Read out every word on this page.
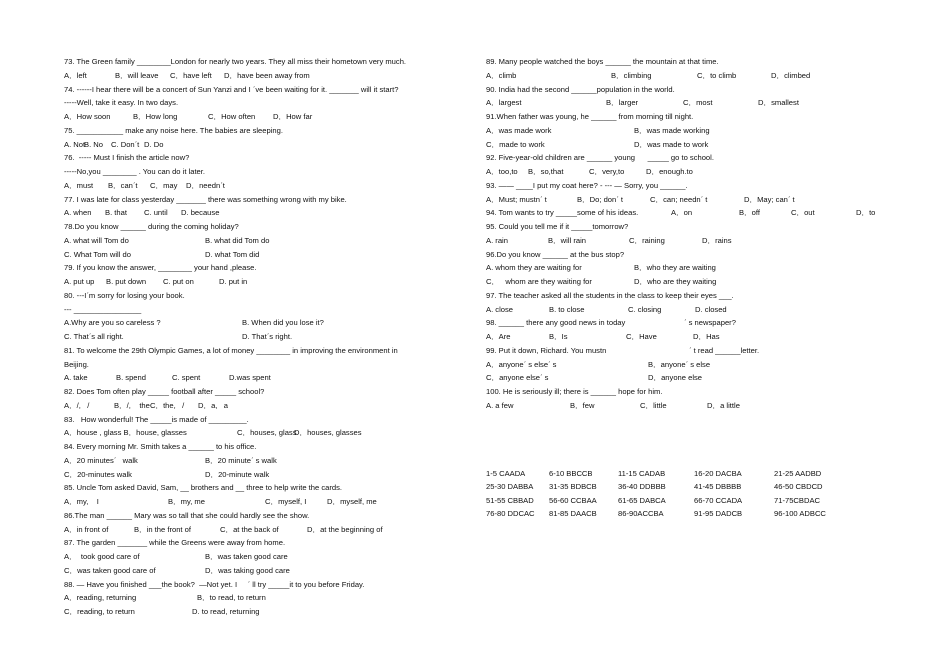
73. The Green family ________London for nearly two years. They all miss their hometown very much.
A．left	B．will leave C．have left D．have been away from
74. ------I hear there will be a concert of Sun Yanzi and I ˊve been waiting for it. _______ will it start?
-----Well, take it easy. In two days.
A．How soon	B．How long	C．How often D．How far
75. ___________ make any noise here. The babies are sleeping.
A. Not
B. No C. Donˊt D. Do
76.  ----- Must I finish the article now?
-----No,you ________ . You can do it later.
A．must B．canˊt C．may D．neednˊt
77. I was late for class yesterday _______ there was something wrong with my bike.
A. when B. that C. until D. because
78.Do you know ______ during the coming holiday?
A. what will Tom do	B. what did Tom do
C. What Tom will do	D. what Tom did
79. If you know the answer, ________ your hand ,please.
A. put up B. put down C. put on	D. put in
80. ---Iˊm sorry for losing your book.
--- ________________
A.Why are you so careless ?	B. When did you lose it?
C. Thatˊs all right.	D. Thatˊs right.
81. To welcome the 29th Olympic Games, a lot of money ________ in improving the environment in
Beijing.
A. take	B. spend	C. spent	D.was spent
82. Does Tom often play _____ football after _____ school?
A．/,   /	B．/,    the C．the,   / D．a,   a
83.   How wonderful! The _____is made of _________.
A．house , glass B．house, glasses	C．houses, glass
D．houses, glasses
84. Every morning Mr. Smith takes a ______ to his office.
A．20 minutesˊ   walk	B．20 minuteˊ s walk
C．20-minutes walk	D．20-minute walk
85. Uncle Tom asked David, Sam, __ brothers and __ three to help write the cards.
A．my,    I	B．my, me	C．myself, I	D．myself, me
86.The man ______ Mary was so tall that she could hardly see the show.
A．in front of	B．in the front of	C．at the back of	D．at the beginning of
87. The garden _______ while the Greens were away from home.
A．  took good care of	B．was taken good care
C．was taken good care of	D．was taking good care
88. — Have you finished ___the book?  —Not yet. I     ˊ ll try _____it to you before Friday.
A．reading, returning	B．to read, to return
C．reading, to return	D. to read, returning
89. Many people watched the boys ______ the mountain at that time.
A．climb	B．climbing	C．to climb	D．climbed
90. India had the second ______population in the world.
A．largest	B．larger	C．most	D．smallest
91.When father was young, he ______ from morning till night.
A．was made work	B．was made working
C．made to work	D．was made to work
92. Five-year-old children are ______ young      _____ go to school.
A．too,to B．so,that	C．very,to	D．enough.to
93. —— ____I put my coat here? - --- — Sorry, you ______.
A．Must; mustnˊ t	B．Do; donˊ t	C．can; neednˊ t	D．May; canˊ t
94. Tom wants to try _____some of his ideas.	A．on	B．off	C．out	D．to
95. Could you tell me if it _____tomorrow?
A. rain	B．will rain	C．raining	D．rains
96.Do you know ______ at the bus stop?
A. whom they are waiting for	B．who they are waiting
C．   whom are they waiting for	D．who are they waiting
97. The teacher asked all the students in the class to keep their eyes ___.
A. close	B. to close	C. closing	D. closed
98. ______ there any good news in today	ˊ s newspaper?
A．Are	B．Is	C．Have	D．Has
99. Put it down, Richard. You mustn	ˊ t read ______letter.
A．anyoneˊ s elseˊ s	B．anyoneˊ s else
C．anyone elseˊ s	D．anyone else
100. He is seriously ill; there is ______ hope for him.
A. a few	B．few	C．little	D．a little
1-5 CAADA	6-10 BBCCB	11-15 CADAB	16-20 DACBA	21-25 AADBD
25-30 DABBA 31-35 BDBCB	36-40 DDBBB	41-45 DBBBB	46-50 CBDCD
51-55 CBBAD 56-60 CCBAA	61-65 DABCA	66-70 CCADA	71-75CBDAC
76-80 DDCAC 81-85 DAACB	86-90ACCBA	91-95 DADCB	96-100 ADBCC
